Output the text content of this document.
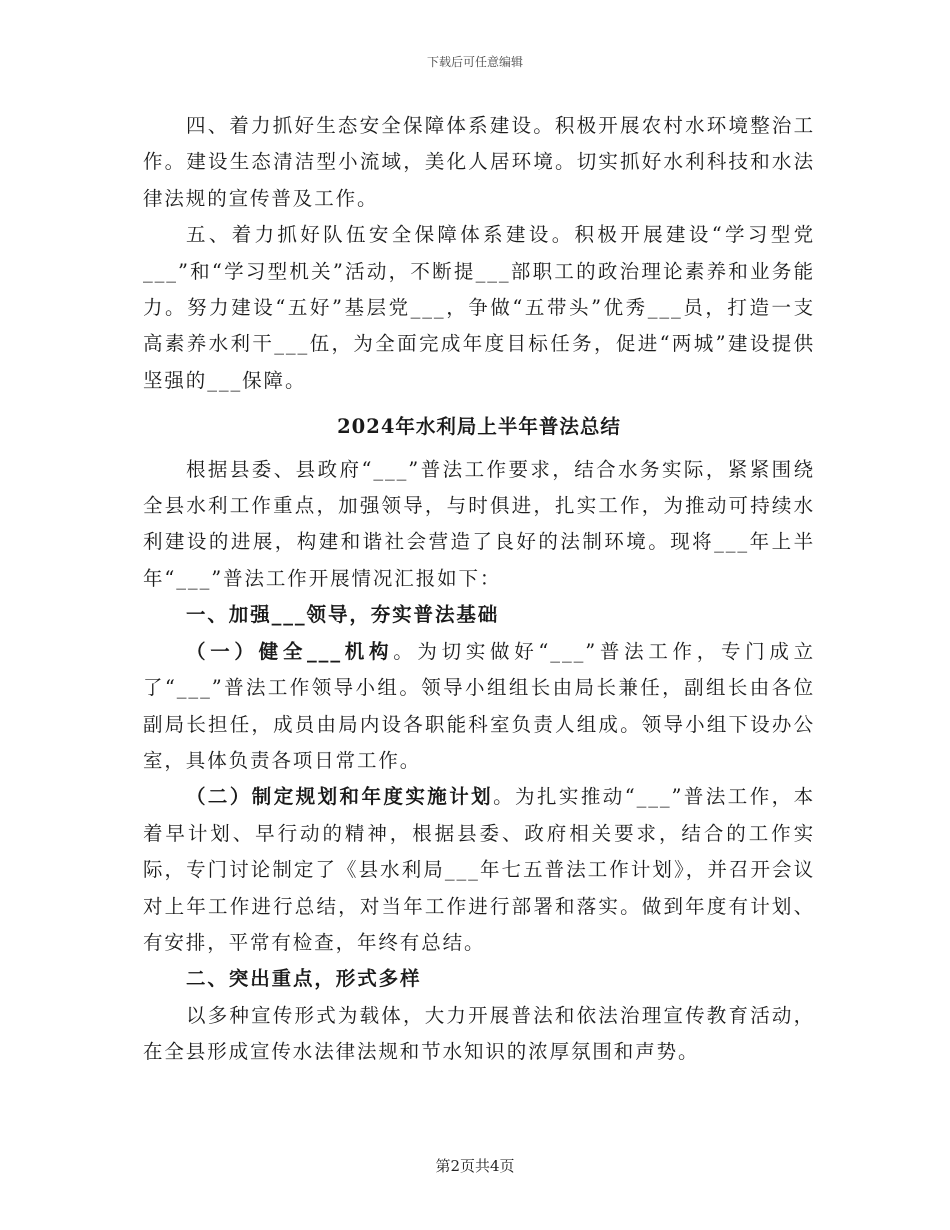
下载后可任意编辑

四、着力抓好生态安全保障体系建设。积极开展农村水环境整治工作。建设生态清洁型小流域，美化人居环境。切实抓好水利科技和水法律法规的宣传普及工作。

五、着力抓好队伍安全保障体系建设。积极开展建设“学习型党___”和“学习型机关”活动，不断提___部职工的政治理论素养和业务能力。努力建设“五好”基层党___，争做“五带头”优秀___员，打造一支高素养水利干___伍，为全面完成年度目标任务，促进“两城”建设提供坚强的___保障。

2024年水利局上半年普法总结

根据县委、县政府“___”普法工作要求，结合水务实际，紧紧围绕全县水利工作重点，加强领导，与时俱进，扎实工作，为推动可持续水利建设的进展，构建和谐社会营造了良好的法制环境。现将___年上半年“___”普法工作开展情况汇报如下：

一、加强___领导，夯实普法基础

（一）健全___机构。为切实做好“___”普法工作，专门成立了“___”普法工作领导小组。领导小组组长由局长兼任，副组长由各位副局长担任，成员由局内设各职能科室负责人组成。领导小组下设办公室，具体负责各项日常工作。

（二）制定规划和年度实施计划。为扎实推动“___”普法工作，本着早计划、早行动的精神，根据县委、政府相关要求，结合的工作实际，专门讨论制定了《县水利局___年七五普法工作计划》，并召开会议对上年工作进行总结，对当年工作进行部署和落实。做到年度有计划、有安排，平常有检查，年终有总结。

二、突出重点，形式多样

以多种宣传形式为载体，大力开展普法和依法治理宣传教育活动，在全县形成宣传水法律法规和节水知识的浓厚氛围和声势。

第2页共4页
